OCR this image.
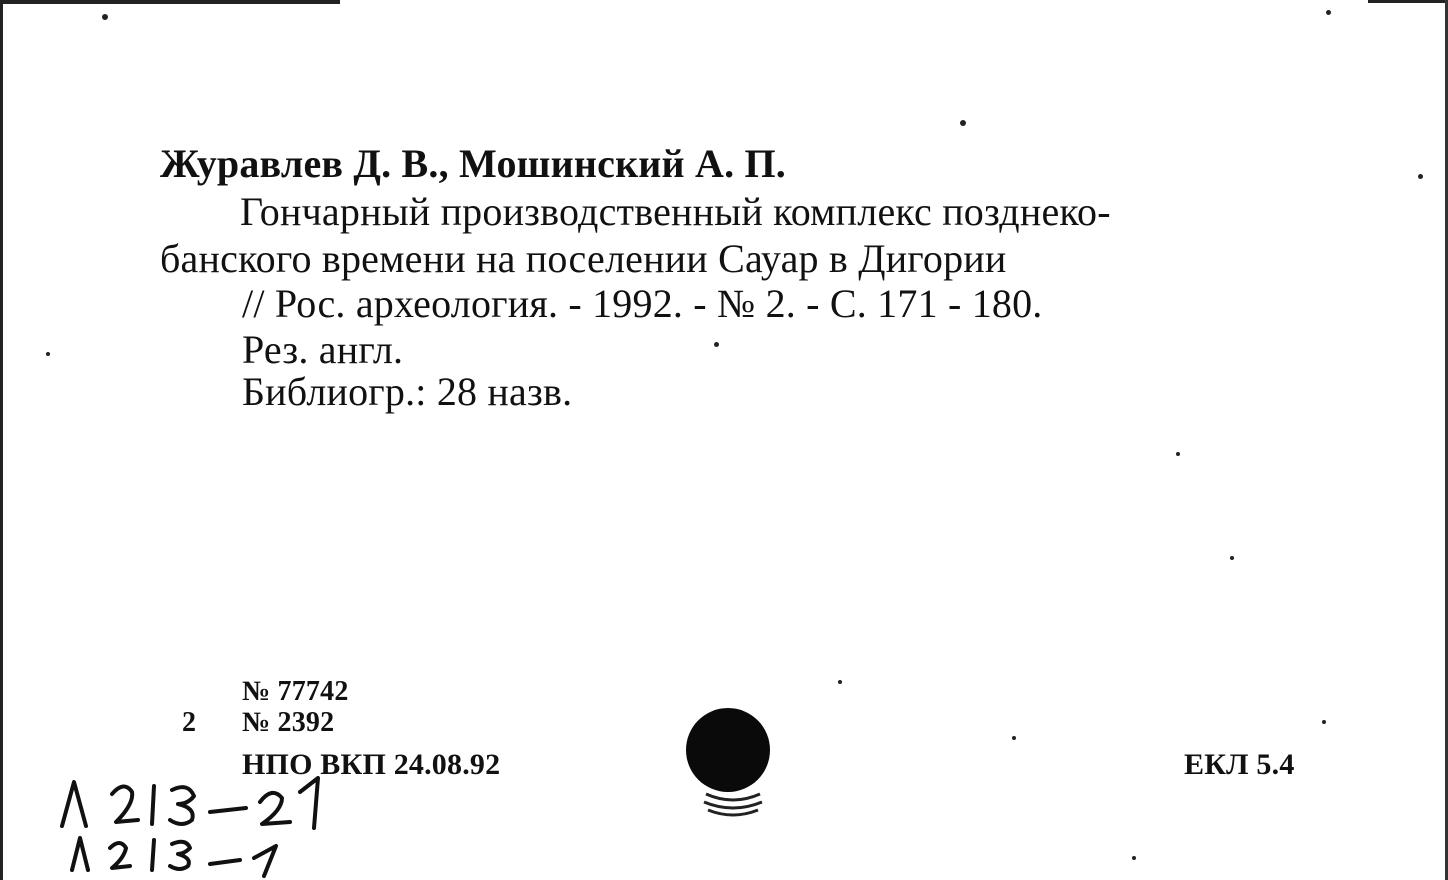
Журавлев Д. В., Мошинский А. П.
Гончарный производственный комплекс позднеко-
банского времени на поселении Сауар в Дигории
// Рос. археология. - 1992. - № 2. - С. 171 - 180.
Рез. англ.
Библиогр.: 28 назв.
№ 77742
2 № 2392
НПО ВКП 24.08.92	ЕКЛ 5.4
